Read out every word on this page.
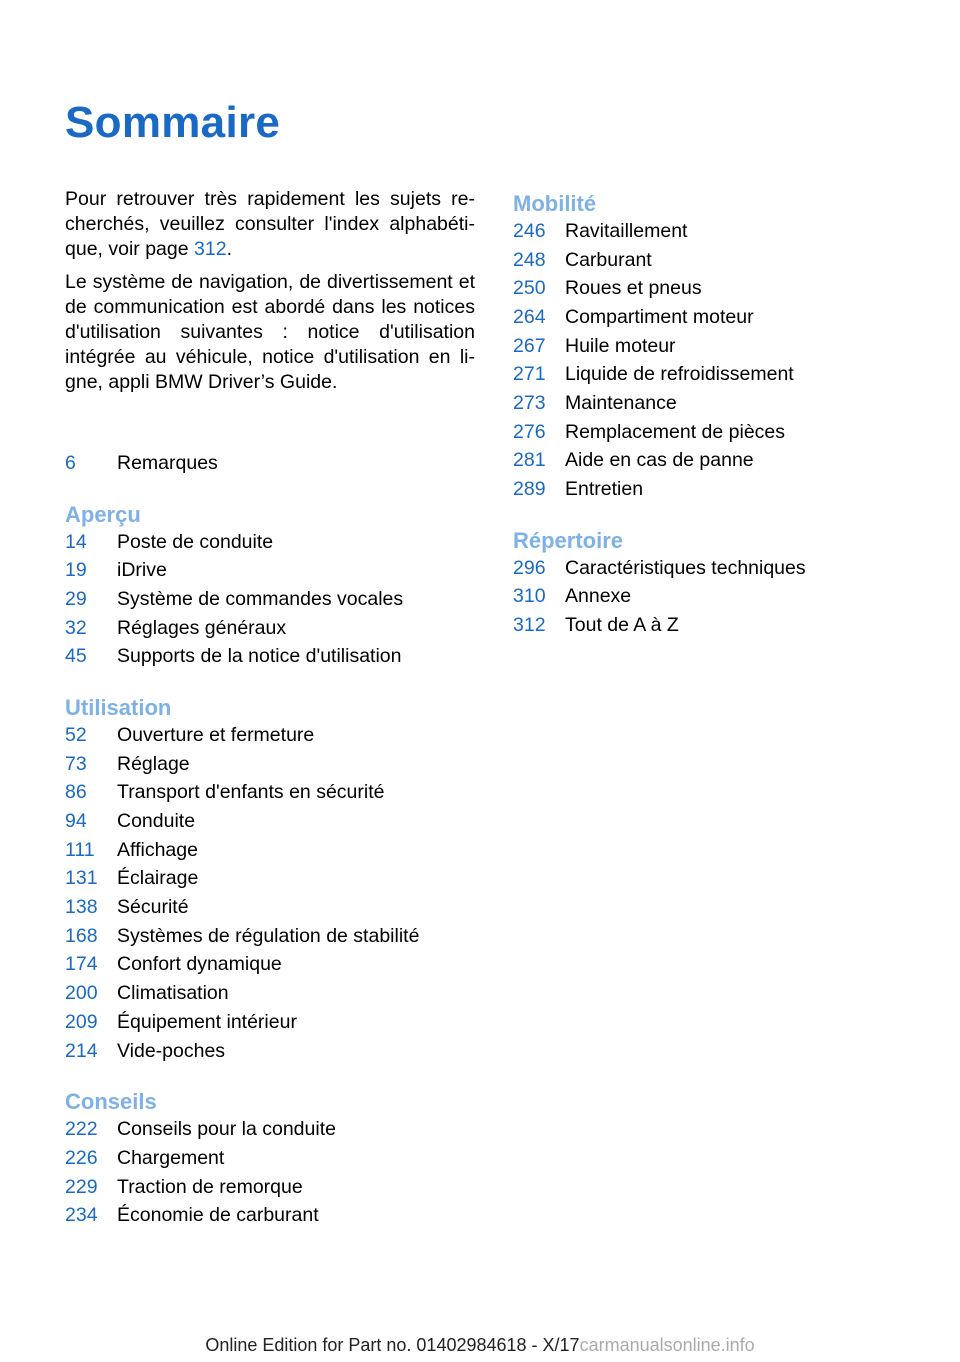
Sommaire

Pour retrouver très rapidement les sujets recherchés, veuillez consulter l'index alphabétique, voir page 312.

Le système de navigation, de divertissement et de communication est abordé dans les notices d'utilisation suivantes : notice d'utilisation intégrée au véhicule, notice d'utilisation en ligne, appli BMW Driver’s Guide.

6	Remarques
Aperçu
14	Poste de conduite
19	iDrive
29	Système de commandes vocales
32	Réglages généraux
45	Supports de la notice d'utilisation
Utilisation
52	Ouverture et fermeture
73	Réglage
86	Transport d'enfants en sécurité
94	Conduite
111	Affichage
131 Éclairage
138 Sécurité
168 Systèmes de régulation de stabilité
174 Confort dynamique
200 Climatisation
209 Équipement intérieur
214 Vide-poches
Conseils
222 Conseils pour la conduite
226 Chargement
229 Traction de remorque
234 Économie de carburant
Mobilité
246 Ravitaillement
248 Carburant
250 Roues et pneus
264 Compartiment moteur
267 Huile moteur
271 Liquide de refroidissement
273 Maintenance
276 Remplacement de pièces
281 Aide en cas de panne
289 Entretien
Répertoire
296 Caractéristiques techniques
310 Annexe
312 Tout de A à Z
Online Edition for Part no. 01402984618 - X/17carmanualsonline.info
